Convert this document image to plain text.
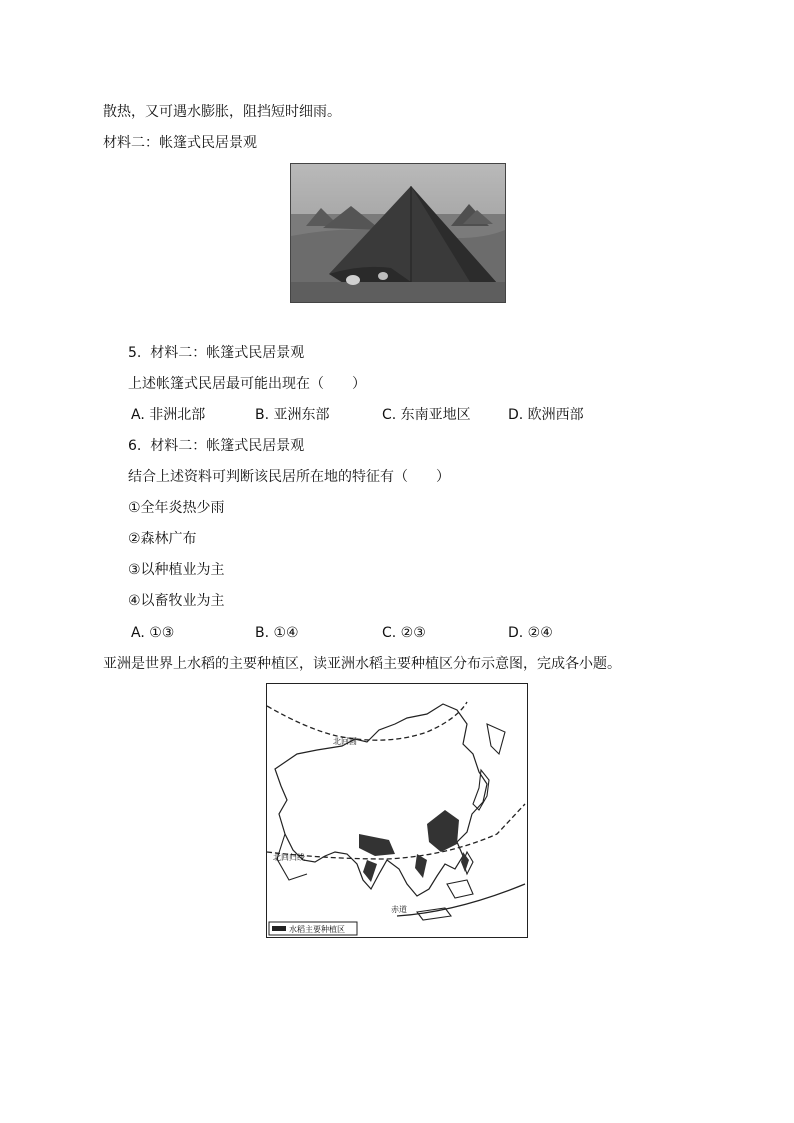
散热，又可遇水膨胀，阻挡短时细雨。
材料二：帐篷式民居景观
5. 材料二：帐篷式民居景观
上述帐篷式民居最可能出现在（　　）
A. 非洲北部	B. 亚洲东部	C. 东南亚地区	D. 欧洲西部
6. 材料二：帐篷式民居景观
结合上述资料可判断该民居所在地的特征有（　　）
①全年炎热少雨
②森林广布
③以种植业为主
④以畜牧业为主
A. ①③	B. ①④	C. ②③	D. ②④
亚洲是世界上水稻的主要种植区，读亚洲水稻主要种植区分布示意图，完成各小题。
北回圆
北回归线
赤道
水稻主要种植区
